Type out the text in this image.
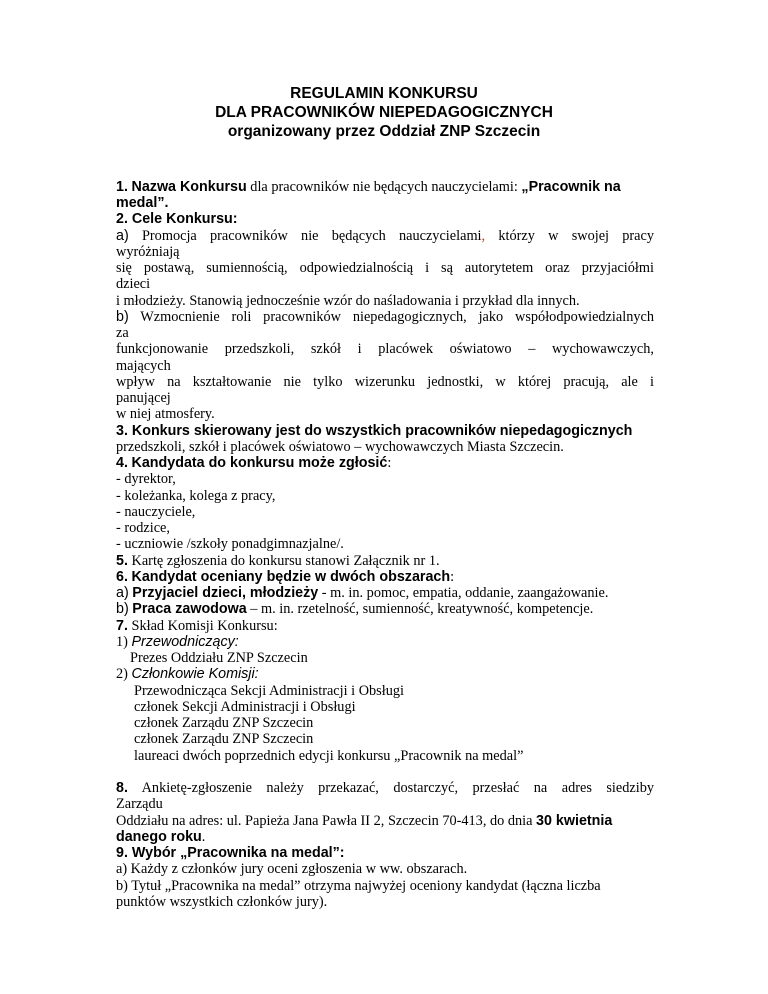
REGULAMIN KONKURSU
DLA PRACOWNIKÓW NIEPEDAGOGICZNYCH
organizowany przez Oddział ZNP Szczecin
1. Nazwa Konkursu dla pracowników nie będących nauczycielami: „Pracownik na
medal”.
2. Cele Konkursu:
a) Promocja pracowników nie będących nauczycielami, którzy w swojej pracy
wyróżniają
się postawą, sumiennością, odpowiedzialnością i są autorytetem oraz przyjaciółmi
dzieci
i młodzieży. Stanowią jednocześnie wzór do naśladowania i przykład dla innych.
b) Wzmocnienie roli pracowników niepedagogicznych, jako współodpowiedzialnych
za
funkcjonowanie przedszkoli, szkół i placówek oświatowo – wychowawczych,
mających
wpływ na kształtowanie nie tylko wizerunku jednostki, w której pracują, ale i
panującej
w niej atmosfery.
3. Konkurs skierowany jest do wszystkich pracowników niepedagogicznych
przedszkoli, szkół i placówek oświatowo – wychowawczych Miasta Szczecin.
4. Kandydata do konkursu może zgłosić:
- dyrektor,
- koleżanka, kolega z pracy,
- nauczyciele,
- rodzice,
- uczniowie /szkoły ponadgimnazjalne/.
5. Kartę zgłoszenia do konkursu stanowi Załącznik nr 1.
6. Kandydat oceniany będzie w dwóch obszarach:
a) Przyjaciel dzieci, młodzieży - m. in. pomoc, empatia, oddanie, zaangażowanie.
b) Praca zawodowa – m. in. rzetelność, sumienność, kreatywność, kompetencje.
7. Skład Komisji Konkursu:
1) Przewodniczący:
Prezes Oddziału ZNP Szczecin
2) Członkowie Komisji:
Przewodnicząca Sekcji Administracji i Obsługi
członek Sekcji Administracji i Obsługi
członek Zarządu ZNP Szczecin
członek Zarządu ZNP Szczecin
laureaci dwóch poprzednich edycji konkursu „Pracownik na medal”
8. Ankietę-zgłoszenie należy przekazać, dostarczyć, przesłać na adres siedziby
Zarządu
Oddziału na adres: ul. Papieża Jana Pawła II 2, Szczecin 70-413, do dnia 30 kwietnia
danego roku.
9. Wybór „Pracownika na medal”:
a) Każdy z członków jury oceni zgłoszenia w ww. obszarach.
b) Tytuł „Pracownika na medal” otrzyma najwyżej oceniony kandydat (łączna liczba
punktów wszystkich członków jury).
